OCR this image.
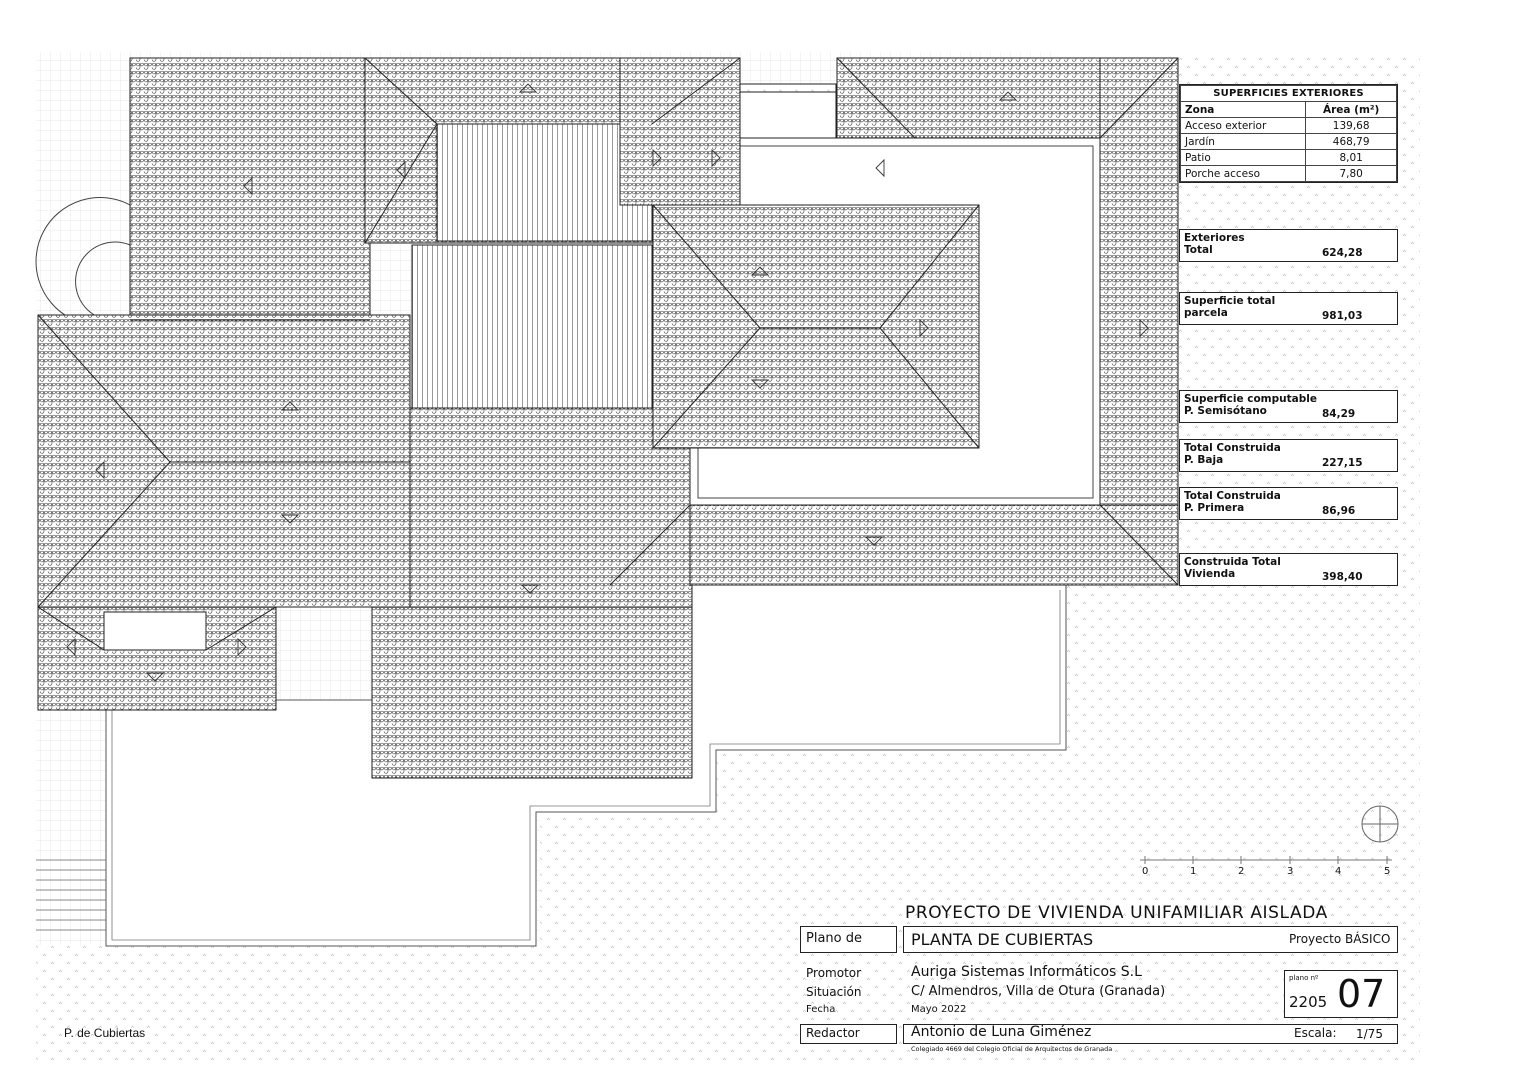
SUPERFICIES EXTERIORES	
Zona	Área (m²)
Acceso exterior	139,68
Jardín	468,79
Patio	8,01
Porche acceso	7,80
Exteriores
Total	624,28
Superficie total
parcela	981,03
Superficie computable
P. Semisótano	84,29
Total Construida
P. Baja	227,15
Total Construida
P. Primera	86,96
Construida Total
Vivienda	398,40
0	1	2	3	4	5
PROYECTO DE VIVIENDA UNIFAMILIAR AISLADA
Plano de	PLANTA DE CUBIERTAS	Proyecto BÁSICO
Promotor	Auriga Sistemas Informáticos S.L
Situación	C/ Almendros, Villa de Otura (Granada)
Fecha	Mayo 2022
plano nº
2205 07
Redactor	Antonio de Luna Giménez	Escala: 1/75
Colegiado 4669 del Colegio Oficial de Arquitectos de Granada
P. de Cubiertas
